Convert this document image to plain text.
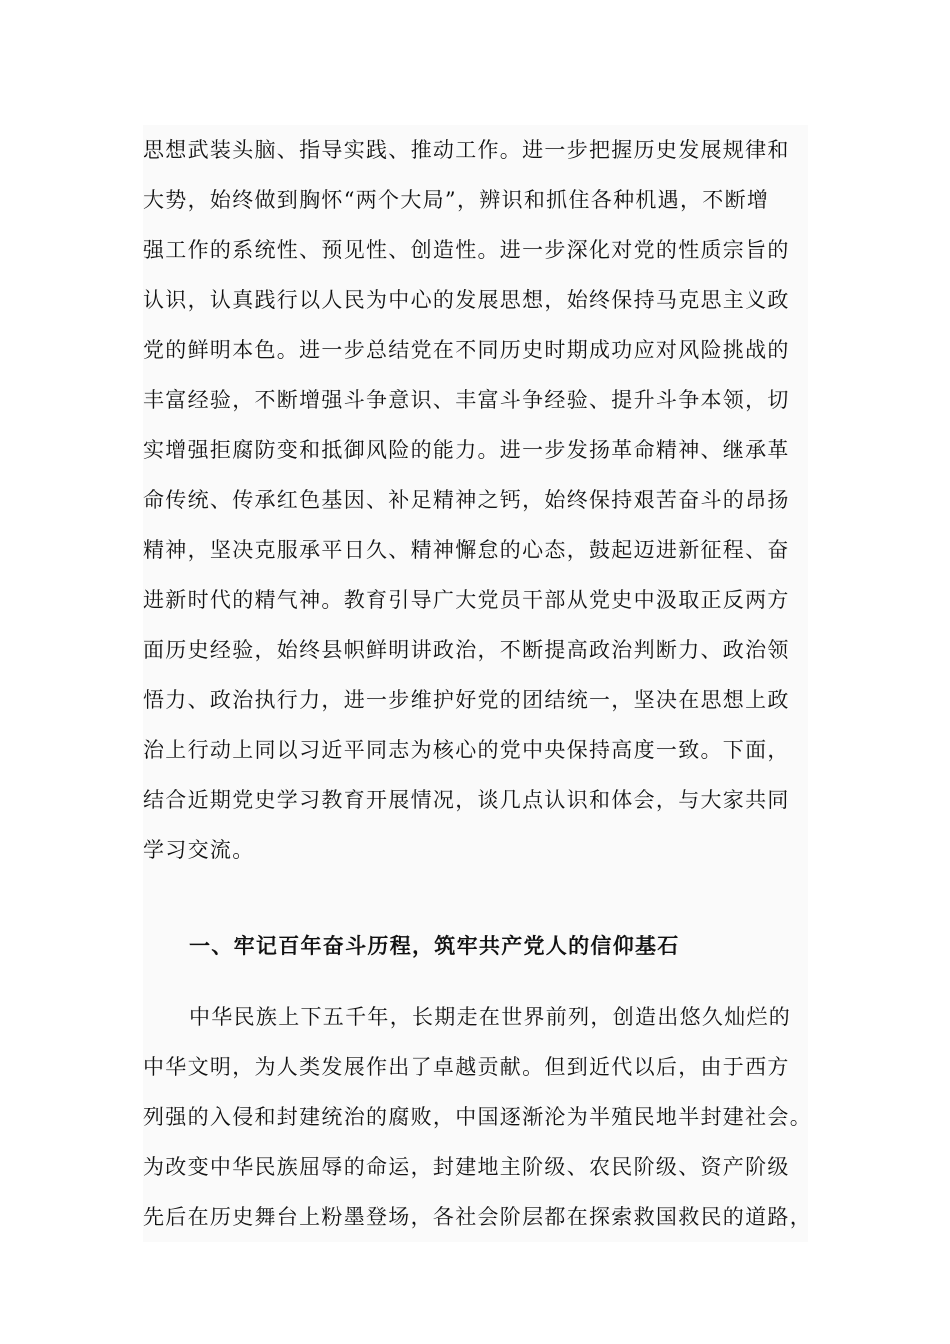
思想武装头脑、指导实践、推动工作。进一步把握历史发展规律和
大势，始终做到胸怀“两个大局”，辨识和抓住各种机遇，不断增
强工作的系统性、预见性、创造性。进一步深化对党的性质宗旨的
认识，认真践行以人民为中心的发展思想，始终保持马克思主义政
党的鲜明本色。进一步总结党在不同历史时期成功应对风险挑战的
丰富经验，不断增强斗争意识、丰富斗争经验、提升斗争本领，切
实增强拒腐防变和抵御风险的能力。进一步发扬革命精神、继承革
命传统、传承红色基因、补足精神之钙，始终保持艰苦奋斗的昂扬
精神，坚决克服承平日久、精神懈怠的心态，鼓起迈进新征程、奋
进新时代的精气神。教育引导广大党员干部从党史中汲取正反两方
面历史经验，始终县帜鲜明讲政治，不断提高政治判断力、政治领
悟力、政治执行力，进一步维护好党的团结统一，坚决在思想上政
治上行动上同以习近平同志为核心的党中央保持高度一致。下面，
结合近期党史学习教育开展情况，谈几点认识和体会，与大家共同
学习交流。
一、牢记百年奋斗历程，筑牢共产党人的信仰基石
中华民族上下五千年，长期走在世界前列，创造出悠久灿烂的
中华文明，为人类发展作出了卓越贡献。但到近代以后，由于西方
列强的入侵和封建统治的腐败，中国逐渐沦为半殖民地半封建社会。
为改变中华民族屈辱的命运，封建地主阶级、农民阶级、资产阶级
先后在历史舞台上粉墨登场，各社会阶层都在探索救国救民的道路，
